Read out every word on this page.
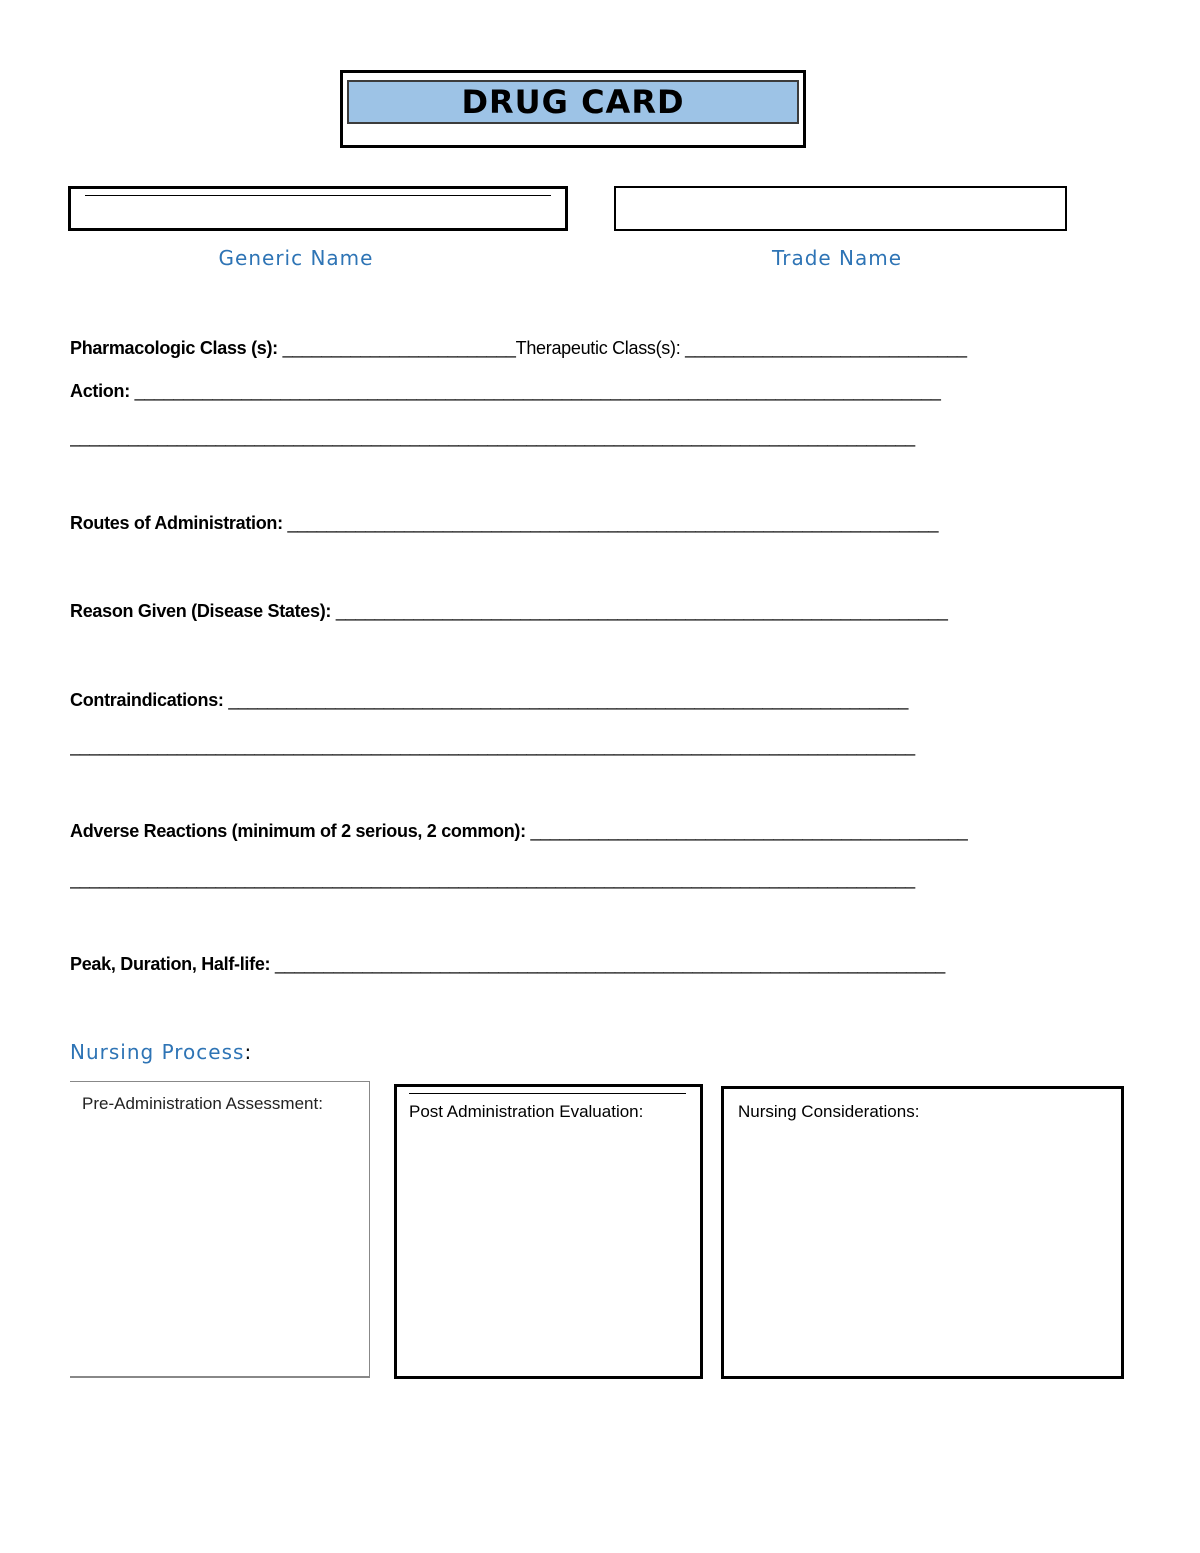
DRUG CARD
Generic Name	Trade Name
Pharmacologic Class (s): ________________________Therapeutic Class(s): _____________________________
Action: ___________________________________________________________________________________
_______________________________________________________________________________________
Routes of Administration: ___________________________________________________________________
Reason Given (Disease States): _______________________________________________________________
Contraindications: ______________________________________________________________________
_______________________________________________________________________________________
Adverse Reactions (minimum of 2 serious, 2 common): _____________________________________________
_______________________________________________________________________________________
Peak, Duration, Half-life: _____________________________________________________________________
Nursing Process:
Pre-Administration Assessment:	Post Administration Evaluation:	Nursing Considerations:
